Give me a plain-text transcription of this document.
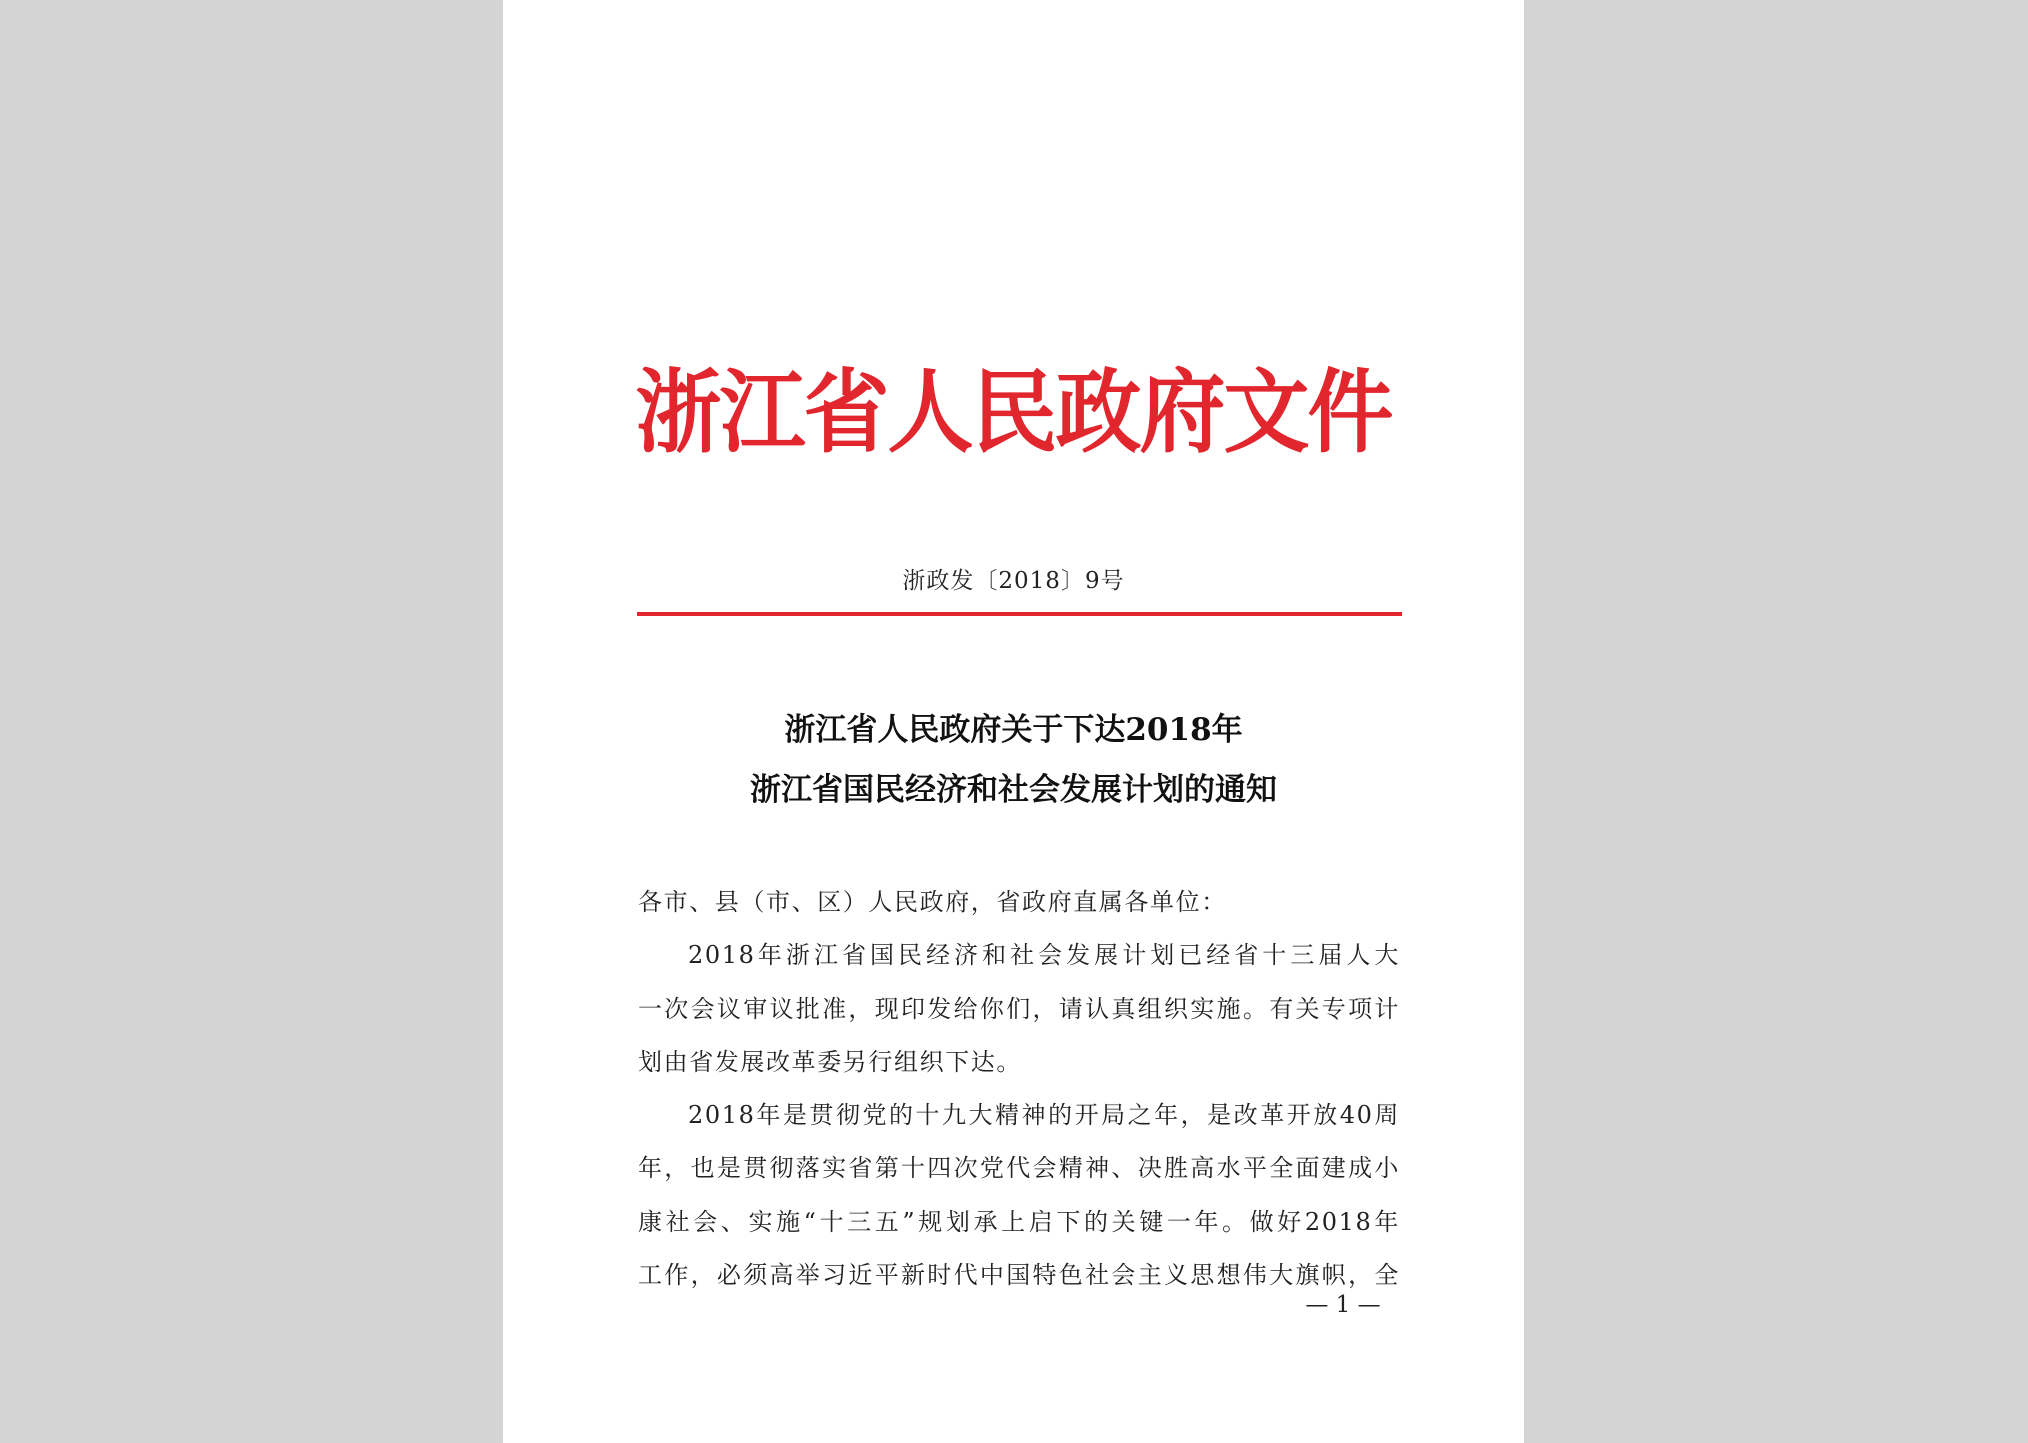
浙江省人民政府文件
浙政发〔2018〕9号
浙江省人民政府关于下达2018年
浙江省国民经济和社会发展计划的通知
各市、县（市、区）人民政府，省政府直属各单位：
2018年浙江省国民经济和社会发展计划已经省十三届人大
一次会议审议批准，现印发给你们，请认真组织实施。有关专项计
划由省发展改革委另行组织下达。
2018年是贯彻党的十九大精神的开局之年，是改革开放40周
年，也是贯彻落实省第十四次党代会精神、决胜高水平全面建成小
康社会、实施“十三五”规划承上启下的关键一年。做好2018年
工作，必须高举习近平新时代中国特色社会主义思想伟大旗帜，全
— 1 —
